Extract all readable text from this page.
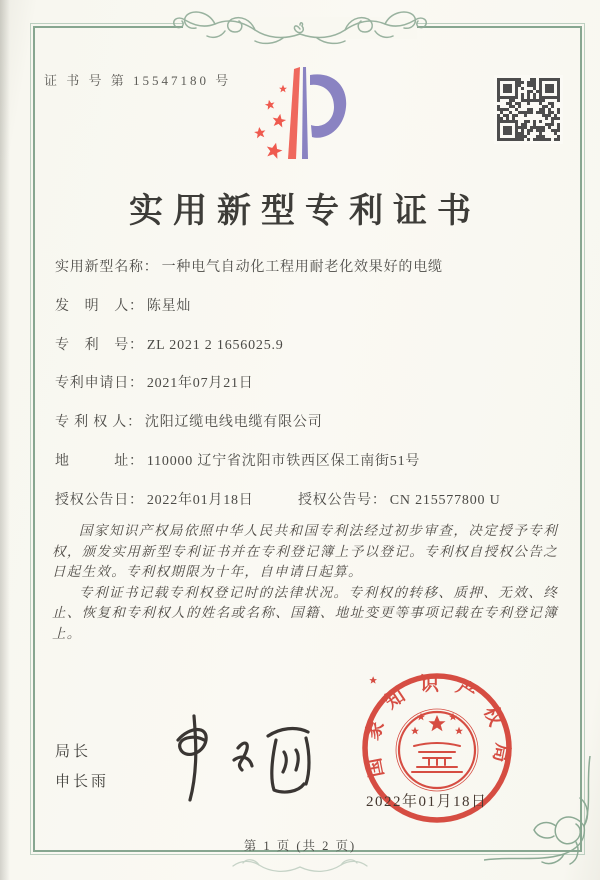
证 书 号 第 15547180 号
实用新型专利证书
实用新型名称： 一种电气自动化工程用耐老化效果好的电缆
发　明　人： 陈星灿
专　利　号： ZL 2021 2 1656025.9
专利申请日： 2021年07月21日
专 利 权 人： 沈阳辽缆电线电缆有限公司
地　　　址： 110000 辽宁省沈阳市铁西区保工南街51号
授权公告日： 2022年01月18日	授权公告号： CN 215577800 U

国家知识产权局依照中华人民共和国专利法经过初步审查，决定授予专利权，颁发实用新型专利证书并在专利登记簿上予以登记。专利权自授权公告之日起生效。专利权期限为十年，自申请日起算。

专利证书记载专利权登记时的法律状况。专利权的转移、质押、无效、终止、恢复和专利权人的姓名或名称、国籍、地址变更等事项记载在专利登记簿上。

局长
申长雨
国家知识产权局
2022年01月18日
第 1 页 (共 2 页)
